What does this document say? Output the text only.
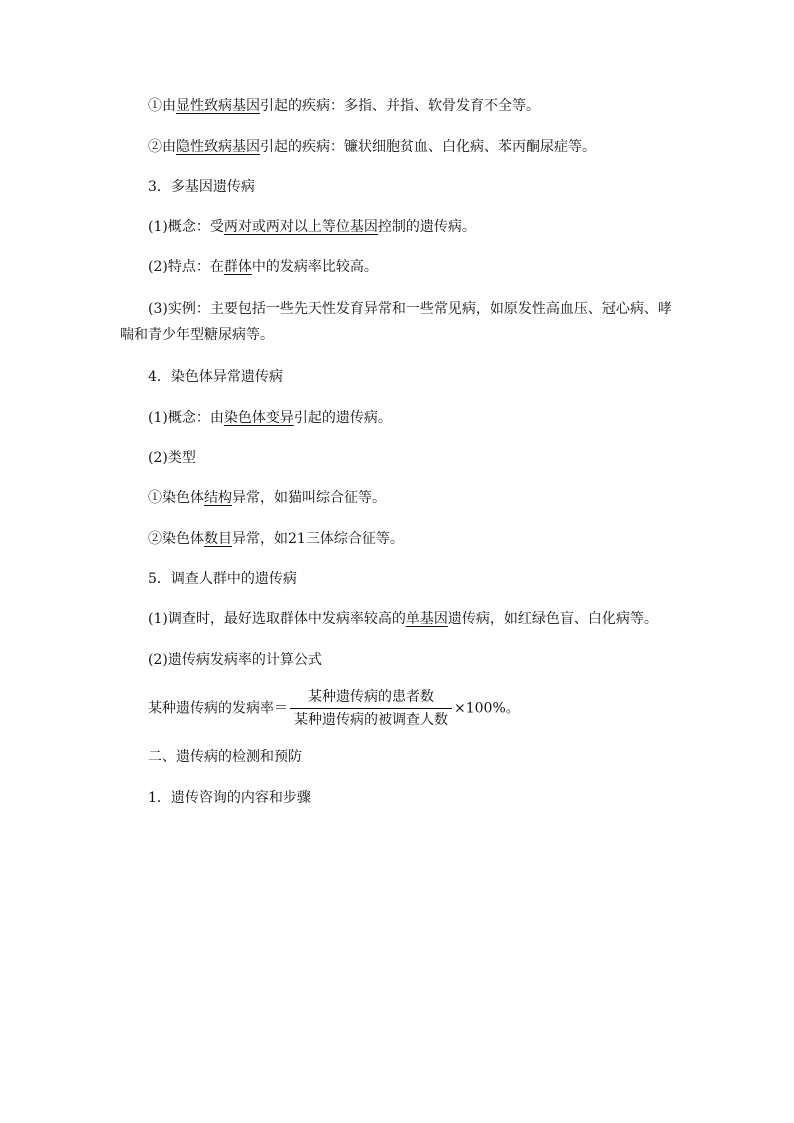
①由显性致病基因引起的疾病：多指、并指、软骨发育不全等。
②由隐性致病基因引起的疾病：镰状细胞贫血、白化病、苯丙酮尿症等。
3．多基因遗传病
(1)概念：受两对或两对以上等位基因控制的遗传病。
(2)特点：在群体中的发病率比较高。
(3)实例：主要包括一些先天性发育异常和一些常见病，如原发性高血压、冠心病、哮喘和青少年型糖尿病等。
4．染色体异常遗传病
(1)概念：由染色体变异引起的遗传病。
(2)类型
①染色体结构异常，如猫叫综合征等。
②染色体数目异常，如21三体综合征等。
5．调查人群中的遗传病
(1)调查时，最好选取群体中发病率较高的单基因遗传病，如红绿色盲、白化病等。
(2)遗传病发病率的计算公式
某种遗传病的发病率＝ $\frac{\text{某种遗传病的患者数}}{\text{某种遗传病的被调查人数}} \times 100\%$。
二、遗传病的检测和预防
1．遗传咨询的内容和步骤
